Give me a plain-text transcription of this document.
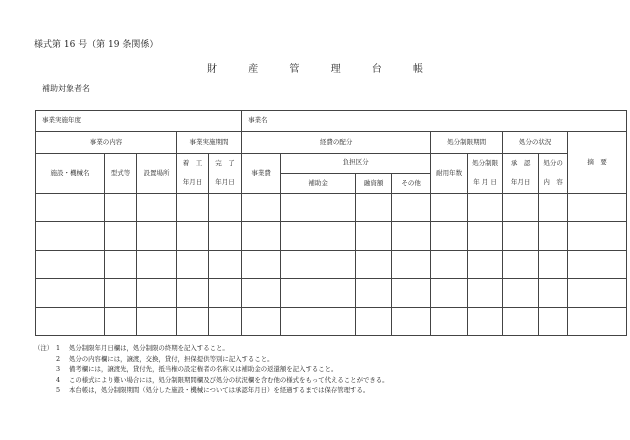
様式第 16 号（第 19 条関係）
財 産 管 理 台 帳
補助対象者名
事業実施年度					事業名								
事業の内容			事業実施期間		経費の配分				処分制限期間		処分の状況		摘　要
施設・機械名	型式等	設置場所	着　工	完　了	事業費	負担区分			耐用年数	処分制限	承　認	処分の	
			年月日	年月日		補助金	融資額	その他		年 月 日	年月日	内　容	

（注） 1	処分制限年月日欄は，処分制限の終期を記入すること。
2	処分の内容欄には，譲渡，交換，貸付，担保提供等別に記入すること。
3	備考欄には，譲渡先，貸付先，抵当権の設定権者の名称又は補助金の返還額を記入すること。
4	この様式により難い場合には，処分制限期間欄及び処分の状況欄を含む他の様式をもって代えることができる。
5	本台帳は，処分制限期間（処分した施設・機械については承認年月日）を経過するまでは保存管理する。
